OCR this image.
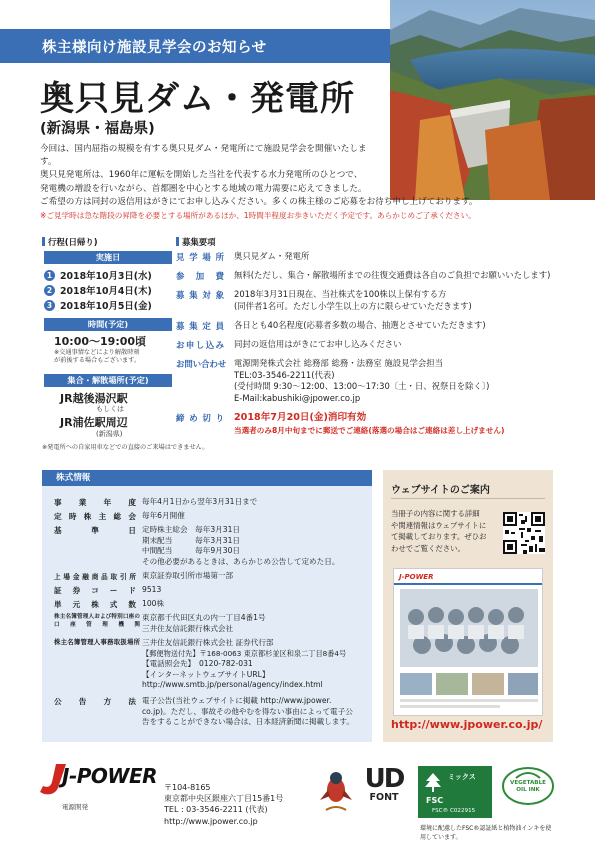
株主様向け施設見学会のお知らせ
奥只見ダム・発電所
(新潟県・福島県)

今回は、国内屈指の規模を有する奥只見ダム・発電所にて施設見学会を開催いたしま

す。

奥只見発電所は、1960年に運転を開始した当社を代表する水力発電所のひとつで、

発電機の増設を行いながら、首都圏を中心とする地域の電力需要に応えてきました。

ご希望の方は同封の返信用はがきにてお申し込みください。多くの株主様のご応募をお待ち申し上げております。

※ご見学時は急な階段の昇降を必要とする場所があるほか、1時間半程度お歩きいただく予定です。あらかじめご了承ください。

行程(日帰り)
実施日
1 2018年10月3日(水)
2 2018年10月4日(木)
3 2018年10月5日(金)
時間(予定)
10:00～19:00頃
※交通事情などにより解散時刻
が前後する場合もございます。
集合・解散場所(予定)
JR越後湯沢駅
もしくは
JR浦佐駅周辺
(新潟県)
※発電所への自家用車などでの直接のご来場はできません。
募集要項
見学場所 奥只見ダム・発電所
参加費 無料(ただし、集合・解散場所までの往復交通費は各自のご負担でお願いいたします)
募集対象 2018年3月31日現在、当社株式を100株以上保有する方
(同伴者1名可。ただし小学生以上の方に限らせていただきます)
募集定員 各日とも40名程度(応募者多数の場合、抽選とさせていただきます)
お申し込み 同封の返信用はがきにてお申し込みください
お問い合わせ 電源開発株式会社 総務部 総務・法務室 施設見学会担当
TEL:03-3546-2211(代表)
(受付時間 9:30～12:00、13:00～17:30〔土・日、祝祭日を除く〕)
E-Mail:kabushiki@jpower.co.jp
締め切り 2018年7月20日(金)消印有効
当選者のみ8月中旬までに郵送でご連絡(落選の場合はご連絡は差し上げません)
株式情報
事業年度 毎年4月1日から翌年3月31日まで
定時株主総会 毎年6月開催
基準日 定時株主総会　毎年3月31日
期末配当　　　毎年3月31日
中間配当　　　毎年9月30日
その他必要があるときは、あらかじめ公告して定めた日。
上場金融商品取引所 東京証券取引所市場第一部
証券コード 9513
単元株式数 100株
株主名簿管理人および特別口座の口座管理機関
東京都千代田区丸の内一丁目4番1号
三井住友信託銀行株式会社
株主名簿管理人事務取扱場所 三井住友信託銀行株式会社 証券代行部
【郵便物送付先】〒168-0063 東京都杉並区和泉二丁目8番4号
【電話照会先】　0120-782-031
【インターネットウェブサイトURL】
http://www.smtb.jp/personal/agency/index.html
公告方法 電子公告(当社ウェブサイトに掲載 http://www.jpower.
co.jp)。ただし、事故その他やむを得ない事由によって電子公
告をすることができない場合は、日本経済新聞に掲載します。
ウェブサイトのご案内
当冊子の内容に関する詳細
や関連情報はウェブサイトに
て掲載しております。ぜひお
わせでご覧ください。
J-POWER
http://www.jpower.co.jp/
J-POWER
電源開発
〒104-8165
東京都中央区銀座六丁目15番1号
TEL : 03-3546-2211 (代表)
http://www.jpower.co.jp
UD
FONT	FSC
ミックス
FSC® C022915
VEGETABLE OIL INK
環境に配慮したFSC®認証紙と植物油インキを使
用しています。
